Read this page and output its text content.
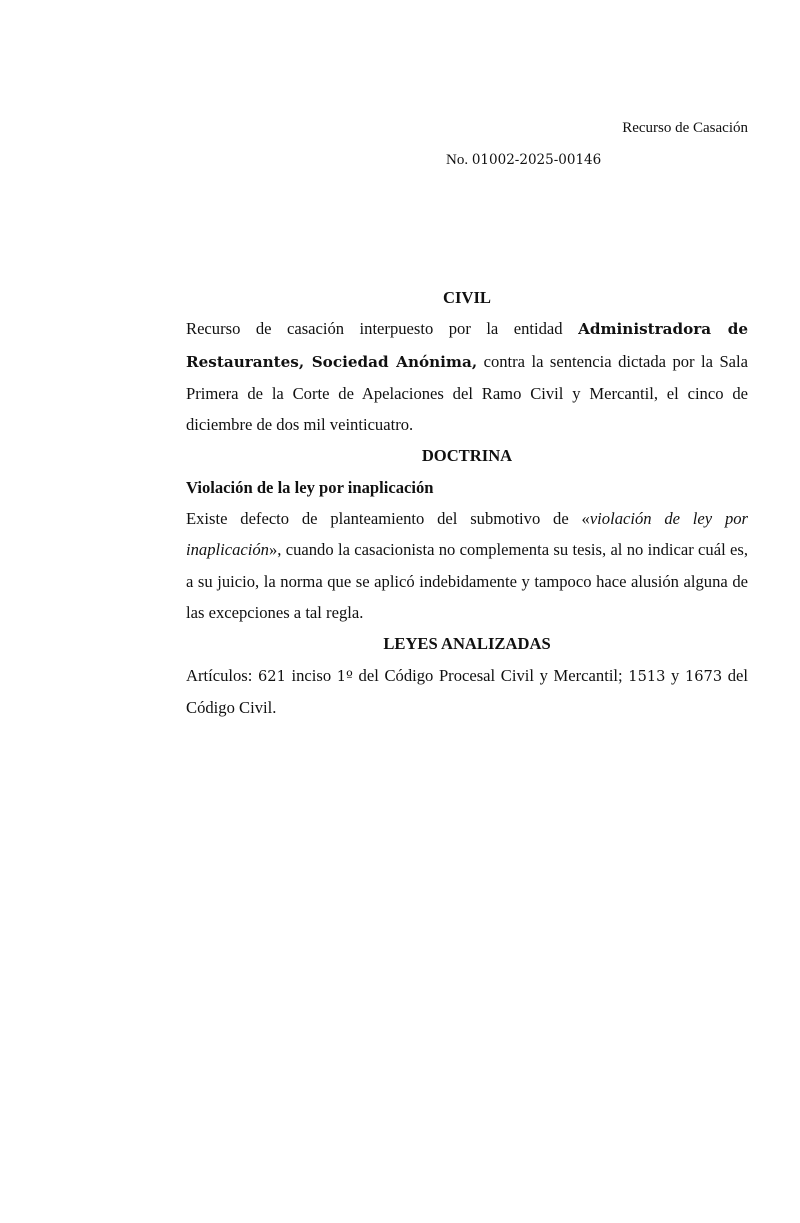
Recurso de Casación
No. 01002-2025-00146

CIVIL

Recurso de casación interpuesto por la entidad Administradora de Restaurantes, Sociedad Anónima, contra la sentencia dictada por la Sala Primera de la Corte de Apelaciones del Ramo Civil y Mercantil, el cinco de diciembre de dos mil veinticuatro.

DOCTRINA

Violación de la ley por inaplicación

Existe defecto de planteamiento del submotivo de «violación de ley por inaplicación», cuando la casacionista no complementa su tesis, al no indicar cuál es, a su juicio, la norma que se aplicó indebidamente y tampoco hace alusión alguna de las excepciones a tal regla.

LEYES ANALIZADAS

Artículos: 621 inciso 1º del Código Procesal Civil y Mercantil; 1513 y 1673 del Código Civil.
